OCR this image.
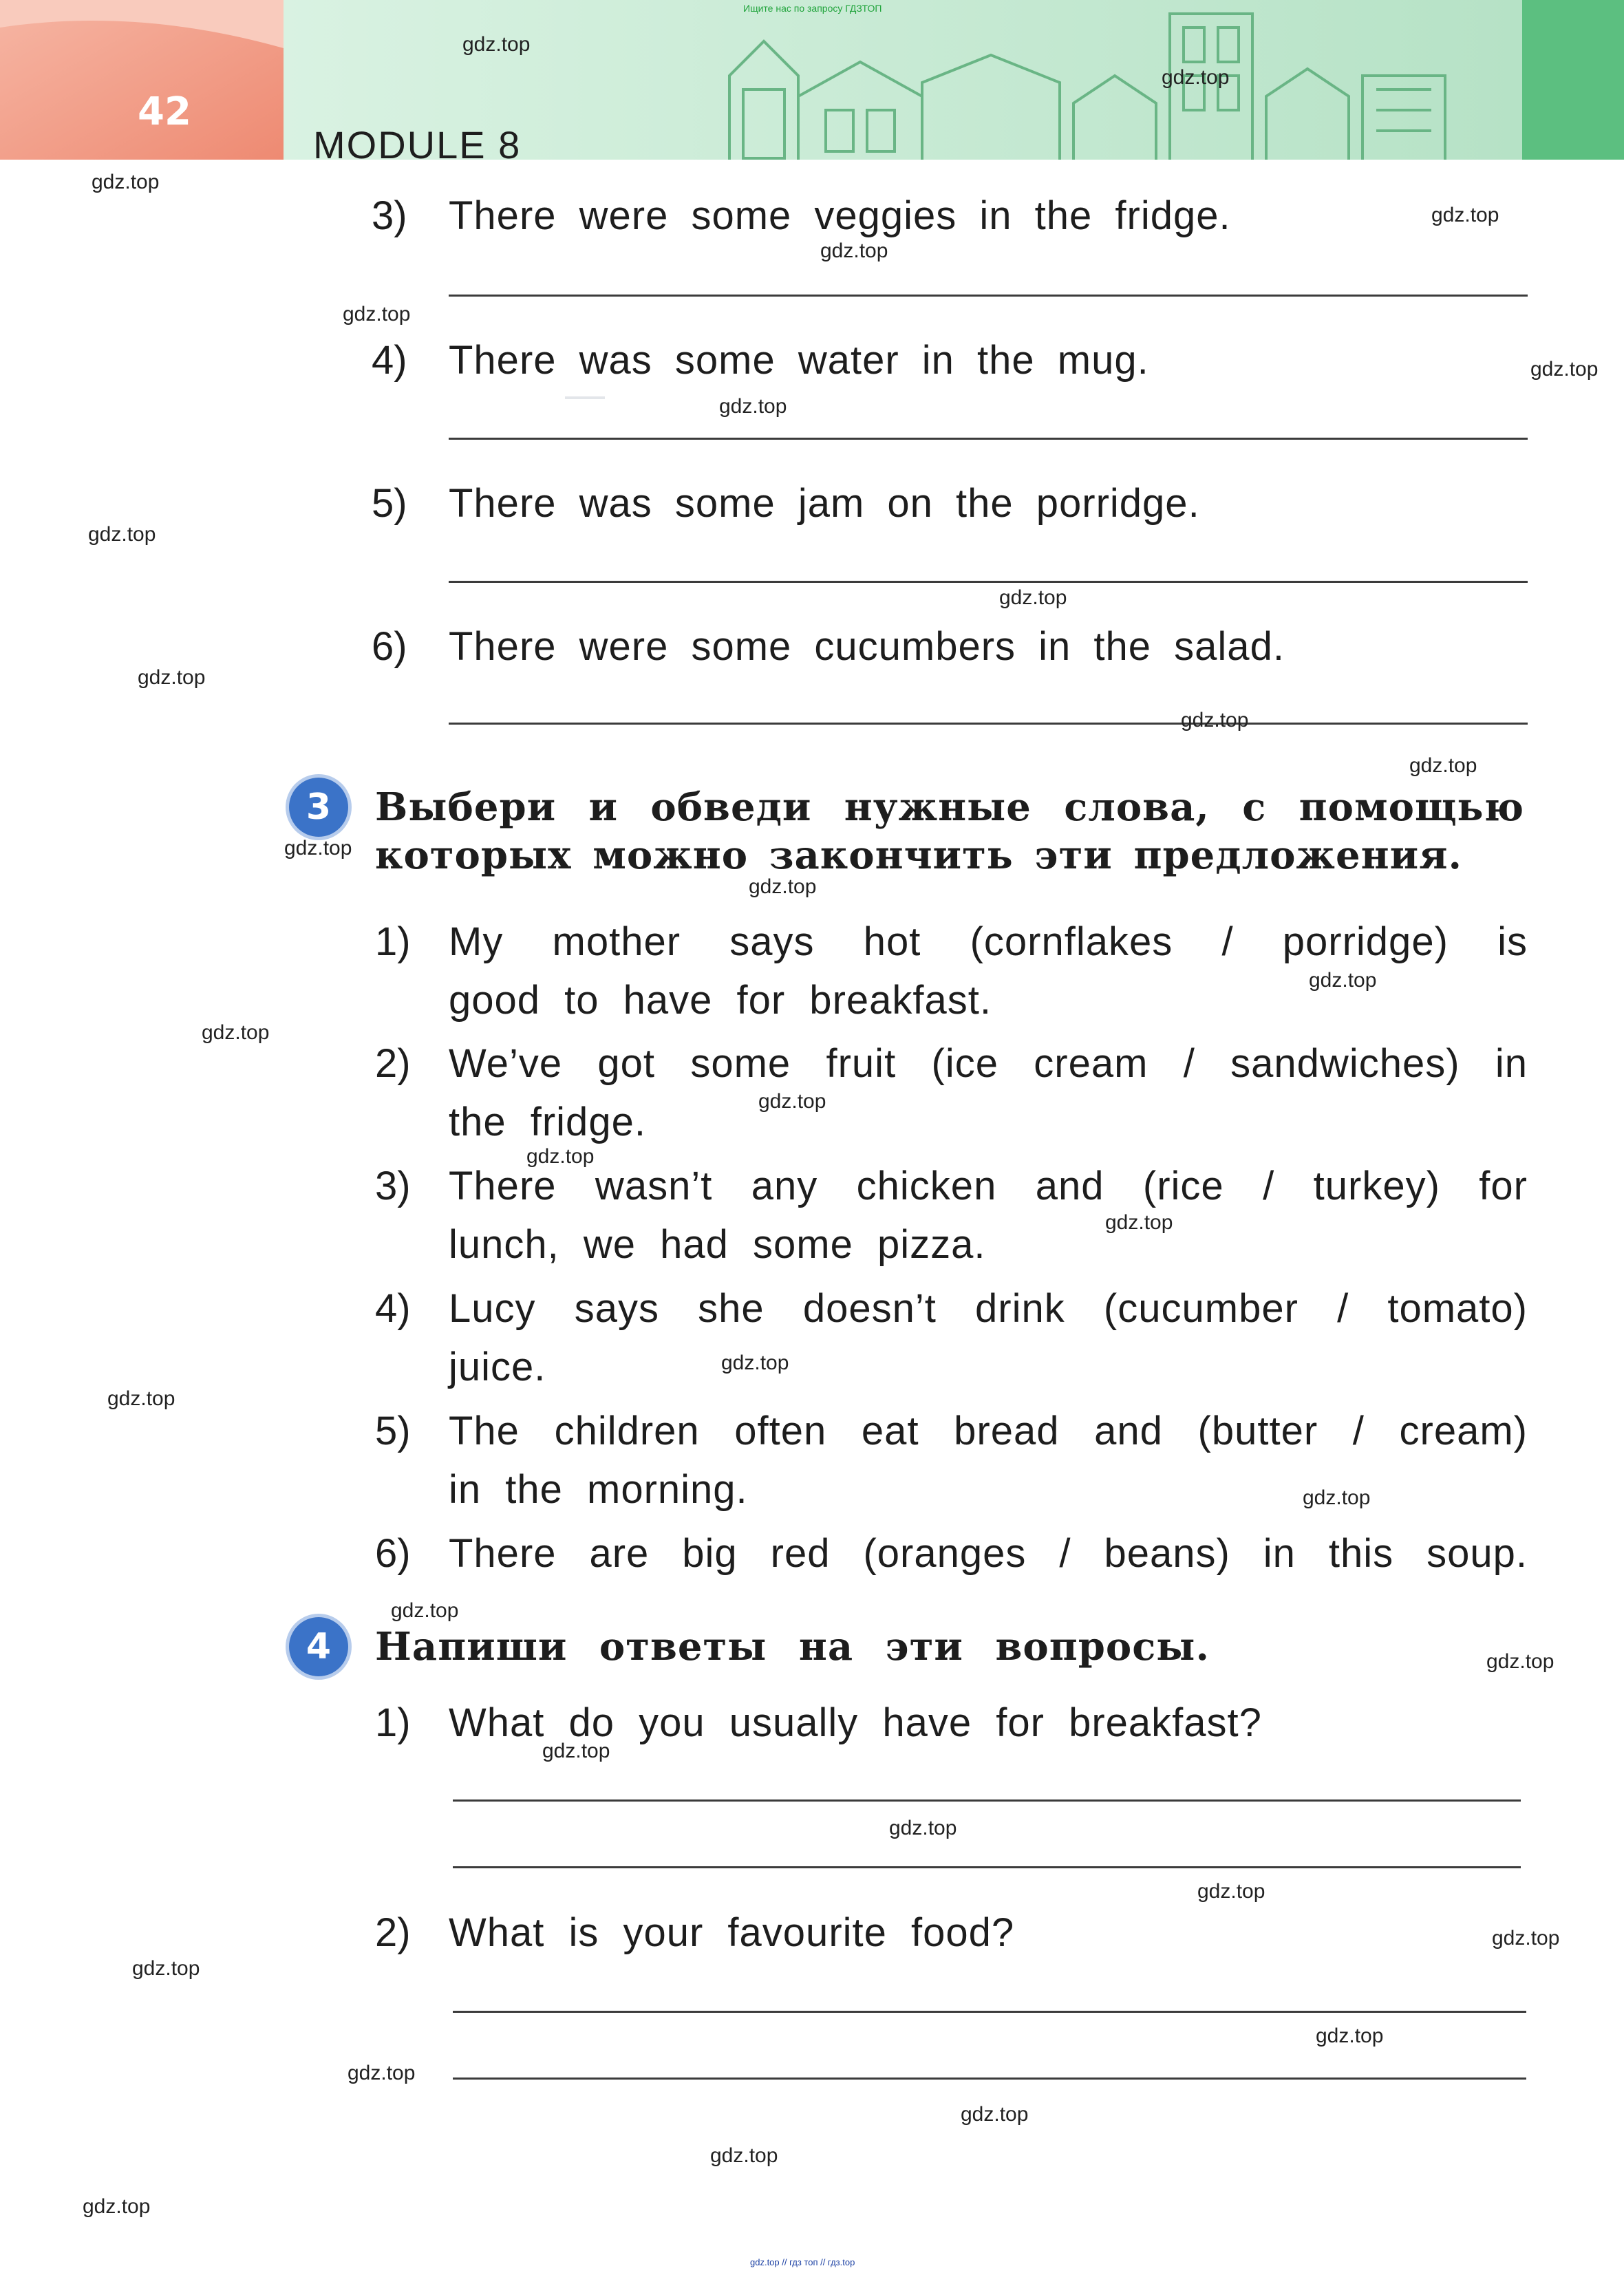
Ищите нас по запросу ГДЗТОП
42
MODULE 8
—

3) There were some veggies in the fridge.
4) There was some water in the mug.
5) There was some jam on the porridge.
6) There were some cucumbers in the salad.
3	Выбери и обведи нужные слова, с помощью
которых можно закончить эти предложения.
1) My mother says hot (cornflakes / porridge) is
good to have for breakfast.
2) We’ve got some fruit (ice cream / sandwiches) in
the fridge.
3) There wasn’t any chicken and (rice / turkey) for
lunch, we had some pizza.
4) Lucy says she doesn’t drink (cucumber / tomato)
juice.
5) The children often eat bread and (butter / cream)
in the morning.
6) There are big red (oranges / beans) in this soup.
4	Напиши ответы на эти вопросы.
1) What do you usually have for breakfast?
2) What is your favourite food?
gdz.top
gdz.top
gdz.top
gdz.top
gdz.top
gdz.top
gdz.top
gdz.top
gdz.top
gdz.top
gdz.top
gdz.top
gdz.top
gdz.top
gdz.top
gdz.top
gdz.top
gdz.top
gdz.top
gdz.top
gdz.top
gdz.top
gdz.top
gdz.top
gdz.top
gdz.top
gdz.top
gdz.top
gdz.top
gdz.top
gdz.top
gdz.top
gdz.top
gdz.top
gdz.top
gdz.top // гдз топ // гдз.top
